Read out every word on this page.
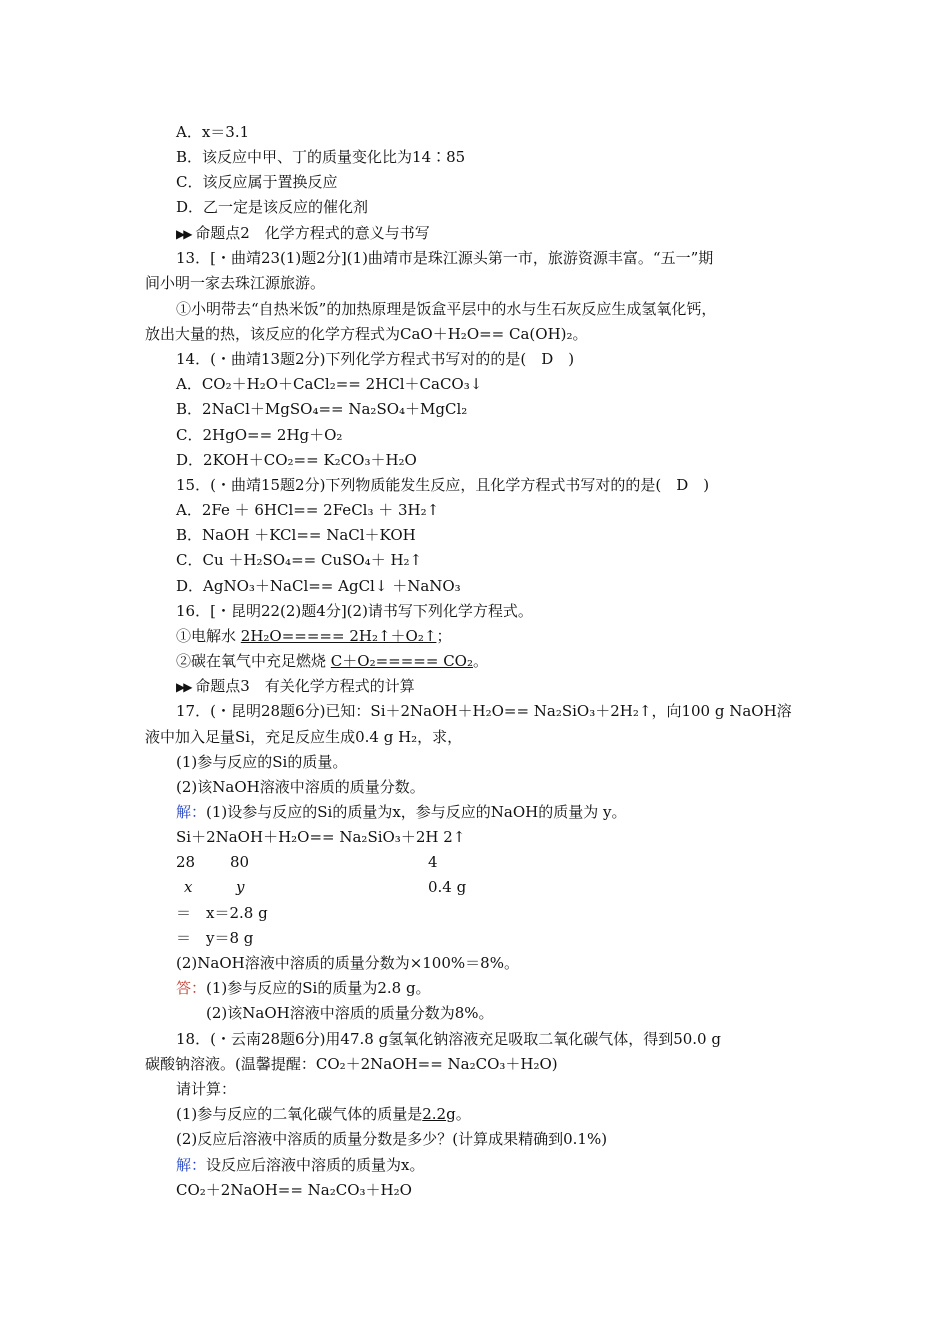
A．x＝3.1
B．该反应中甲、丁的质量变化比为14∶85
C．该反应属于置换反应
D．乙一定是该反应的催化剂
▶▶ 命题点2　化学方程式的意义与书写
13．[・曲靖23(1)题2分](1)曲靖市是珠江源头第一市，旅游资源丰富。“五一”期
间小明一家去珠江源旅游。
①小明带去“自热米饭”的加热原理是饭盒平层中的水与生石灰反应生成氢氧化钙，
放出大量的热，该反应的化学方程式为CaO＋H₂O== Ca(OH)₂。
14．(・曲靖13题2分)下列化学方程式书写对的的是(　D　)
A．CO₂＋H₂O＋CaCl₂== 2HCl＋CaCO₃↓
B．2NaCl＋MgSO₄== Na₂SO₄＋MgCl₂
C．2HgO== 2Hg＋O₂
D．2KOH＋CO₂== K₂CO₃＋H₂O
15．(・曲靖15题2分)下列物质能发生反应，且化学方程式书写对的的是(　D　)
A．2Fe ＋ 6HCl== 2FeCl₃ ＋ 3H₂↑
B．NaOH ＋KCl== NaCl＋KOH
C．Cu ＋H₂SO₄== CuSO₄＋ H₂↑
D．AgNO₃＋NaCl== AgCl↓ ＋NaNO₃
16．[・昆明22(2)题4分](2)请书写下列化学方程式。
①电解水 2H₂O===== 2H₂↑＋O₂↑；
②碳在氧气中充足燃烧 C＋O₂===== CO₂。
▶▶ 命题点3　有关化学方程式的计算
17．(・昆明28题6分)已知：Si＋2NaOH＋H₂O== Na₂SiO₃＋2H₂↑，向100 g NaOH溶
液中加入足量Si，充足反应生成0.4 g H₂，求，
(1)参与反应的Si的质量。
(2)该NaOH溶液中溶质的质量分数。
解：(1)设参与反应的Si的质量为x，参与反应的NaOH的质量为 y。
Si＋2NaOH＋H₂O== Na₂SiO₃＋2H 2↑
28 80	4
x	y	0.4 g
＝　x＝2.8 g
＝　y＝8 g
(2)NaOH溶液中溶质的质量分数为×100%＝8%。
答：(1)参与反应的Si的质量为2.8 g。
(2)该NaOH溶液中溶质的质量分数为8%。
18．(・云南28题6分)用47.8 g氢氧化钠溶液充足吸取二氧化碳气体，得到50.0 g
碳酸钠溶液。(温馨提醒：CO₂＋2NaOH== Na₂CO₃＋H₂O)
请计算：
(1)参与反应的二氧化碳气体的质量是2.2g。
(2)反应后溶液中溶质的质量分数是多少？(计算成果精确到0.1%)
解：设反应后溶液中溶质的质量为x。
CO₂＋2NaOH== Na₂CO₃＋H₂O
